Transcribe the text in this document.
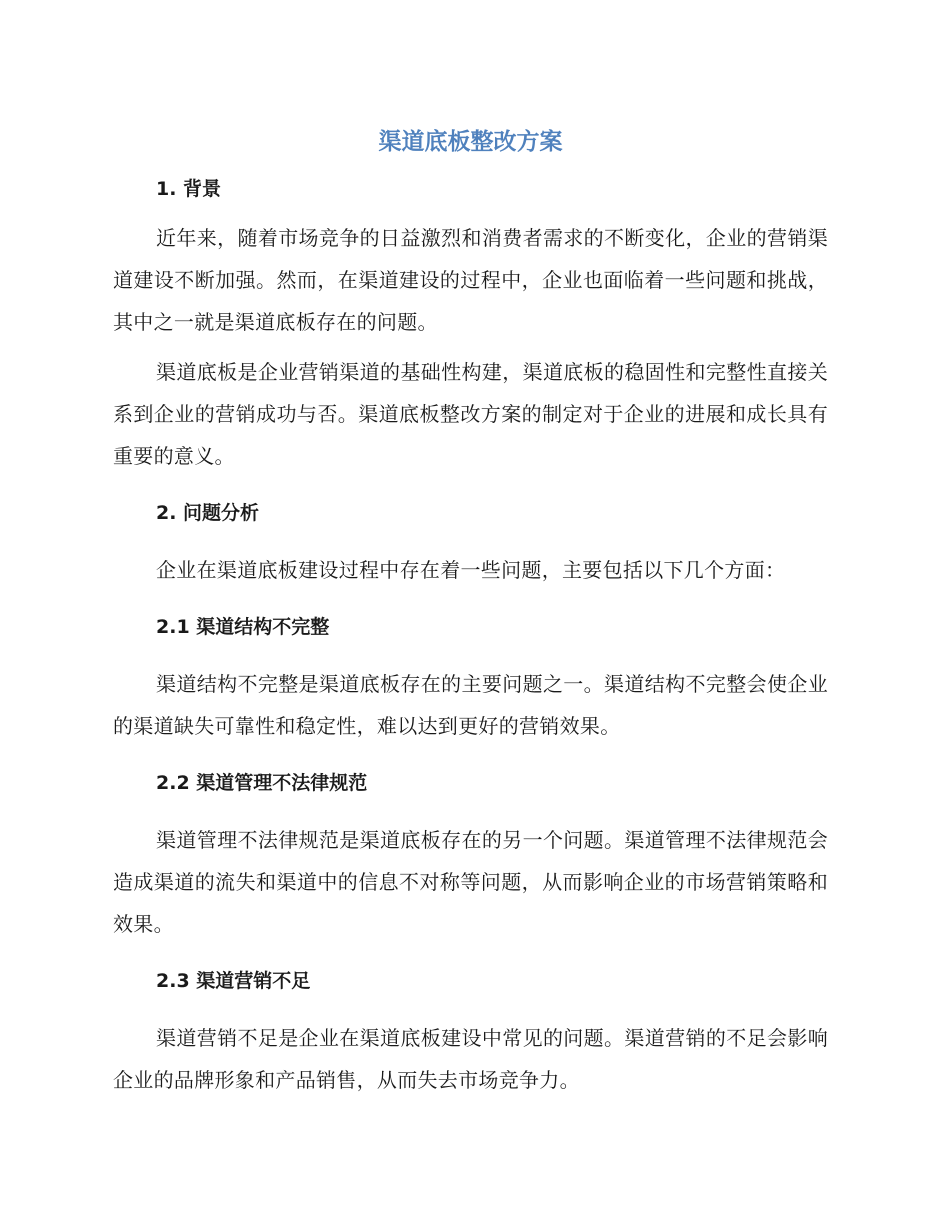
渠道底板整改方案
1. 背景

近年来，随着市场竞争的日益激烈和消费者需求的不断变化，企业的营销渠道建设不断加强。然而，在渠道建设的过程中，企业也面临着一些问题和挑战，其中之一就是渠道底板存在的问题。

渠道底板是企业营销渠道的基础性构建，渠道底板的稳固性和完整性直接关系到企业的营销成功与否。渠道底板整改方案的制定对于企业的进展和成长具有重要的意义。

2. 问题分析

企业在渠道底板建设过程中存在着一些问题，主要包括以下几个方面：

2.1 渠道结构不完整

渠道结构不完整是渠道底板存在的主要问题之一。渠道结构不完整会使企业的渠道缺失可靠性和稳定性，难以达到更好的营销效果。

2.2 渠道管理不法律规范

渠道管理不法律规范是渠道底板存在的另一个问题。渠道管理不法律规范会造成渠道的流失和渠道中的信息不对称等问题，从而影响企业的市场营销策略和效果。

2.3 渠道营销不足

渠道营销不足是企业在渠道底板建设中常见的问题。渠道营销的不足会影响企业的品牌形象和产品销售，从而失去市场竞争力。
